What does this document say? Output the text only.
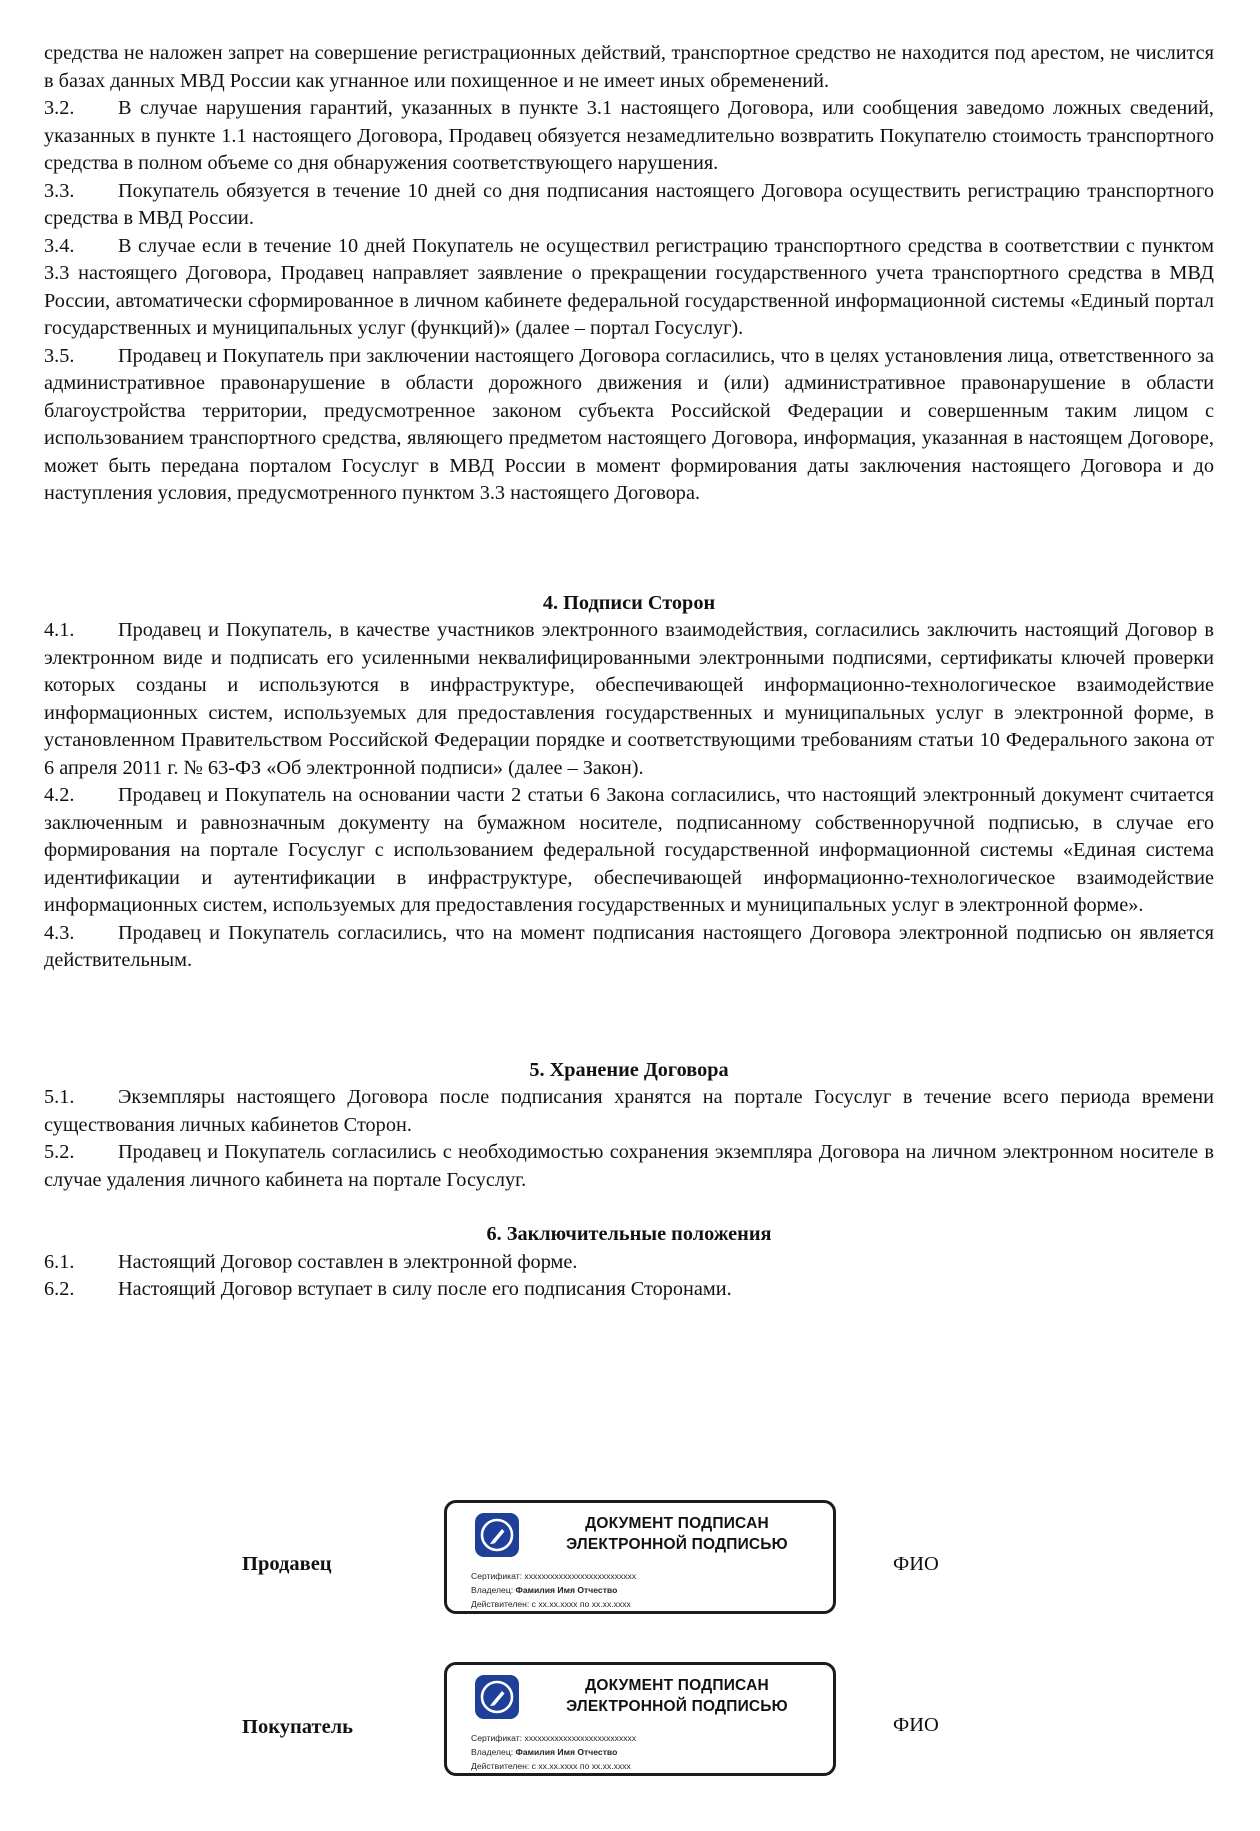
средства не наложен запрет на совершение регистрационных действий, транспортное средство не находится под арестом, не числится в базах данных МВД России как угнанное или похищенное и не имеет иных обременений.

3.2. В случае нарушения гарантий, указанных в пункте 3.1 настоящего Договора, или сообщения заведомо ложных сведений, указанных в пункте 1.1 настоящего Договора, Продавец обязуется незамедлительно возвратить Покупателю стоимость транспортного средства в полном объеме со дня обнаружения соответствующего нарушения.

3.3. Покупатель обязуется в течение 10 дней со дня подписания настоящего Договора осуществить регистрацию транспортного средства в МВД России.

3.4. В случае если в течение 10 дней Покупатель не осуществил регистрацию транспортного средства в соответствии с пунктом 3.3 настоящего Договора, Продавец направляет заявление о прекращении государственного учета транспортного средства в МВД России, автоматически сформированное в личном кабинете федеральной государственной информационной системы «Единый портал государственных и муниципальных услуг (функций)» (далее – портал Госуслуг).

3.5. Продавец и Покупатель при заключении настоящего Договора согласились, что в целях установления лица, ответственного за административное правонарушение в области дорожного движения и (или) административное правонарушение в области благоустройства территории, предусмотренное законом субъекта Российской Федерации и совершенным таким лицом с использованием транспортного средства, являющего предметом настоящего Договора, информация, указанная в настоящем Договоре, может быть передана порталом Госуслуг в МВД России в момент формирования даты заключения настоящего Договора и до наступления условия, предусмотренного пунктом 3.3 настоящего Договора.

4. Подписи Сторон

4.1. Продавец и Покупатель, в качестве участников электронного взаимодействия, согласились заключить настоящий Договор в электронном виде и подписать его усиленными неквалифицированными электронными подписями, сертификаты ключей проверки которых созданы и используются в инфраструктуре, обеспечивающей информационно-технологическое взаимодействие информационных систем, используемых для предоставления государственных и муниципальных услуг в электронной форме, в установленном Правительством Российской Федерации порядке и соответствующими требованиям статьи 10 Федерального закона от 6 апреля 2011 г. № 63-ФЗ «Об электронной подписи» (далее – Закон).

4.2. Продавец и Покупатель на основании части 2 статьи 6 Закона согласились, что настоящий электронный документ считается заключенным и равнозначным документу на бумажном носителе, подписанному собственноручной подписью, в случае его формирования на портале Госуслуг с использованием федеральной государственной информационной системы «Единая система идентификации и аутентификации в инфраструктуре, обеспечивающей информационно-технологическое взаимодействие информационных систем, используемых для предоставления государственных и муниципальных услуг в электронной форме».

4.3. Продавец и Покупатель согласились, что на момент подписания настоящего Договора электронной подписью он является действительным.

5. Хранение Договора

5.1. Экземпляры настоящего Договора после подписания хранятся на портале Госуслуг в течение всего периода времени существования личных кабинетов Сторон.

5.2. Продавец и Покупатель согласились с необходимостью сохранения экземпляра Договора на личном электронном носителе в случае удаления личного кабинета на портале Госуслуг.

6. Заключительные положения

6.1. Настоящий Договор составлен в электронной форме.

6.2. Настоящий Договор вступает в силу после его подписания Сторонами.

Продавец
ДОКУМЕНТ ПОДПИСАН
ЭЛЕКТРОННОЙ ПОДПИСЬЮ
Сертификат: xxxxxxxxxxxxxxxxxxxxxxxxxx
Владелец: Фамилия Имя Отчество
Действителен: с xx.xx.xxxx по xx.xx.xxxx
ФИО
Покупатель
ДОКУМЕНТ ПОДПИСАН
ЭЛЕКТРОННОЙ ПОДПИСЬЮ
Сертификат: xxxxxxxxxxxxxxxxxxxxxxxxxx
Владелец: Фамилия Имя Отчество
Действителен: с xx.xx.xxxx по xx.xx.xxxx
ФИО
